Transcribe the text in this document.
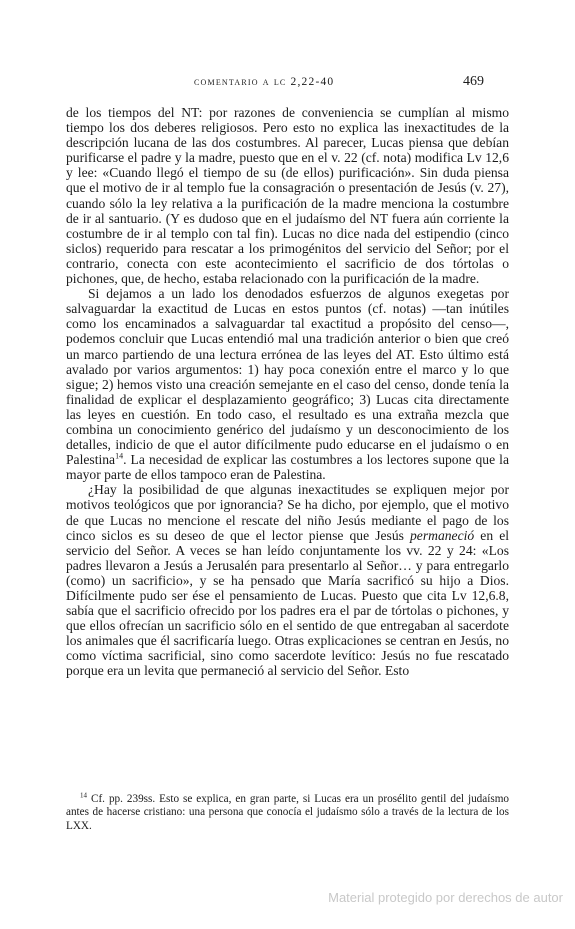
comentario a lc 2,22-40	469

de los tiempos del NT: por razones de conveniencia se cumplían al mismo tiempo los dos deberes religiosos. Pero esto no explica las inexactitudes de la descripción lucana de las dos costumbres. Al parecer, Lucas piensa que debían purificarse el padre y la madre, puesto que en el v. 22 (cf. nota) modifica Lv 12,6 y lee: «Cuando llegó el tiempo de su (de ellos) purificación». Sin duda piensa que el motivo de ir al templo fue la consagración o presentación de Jesús (v. 27), cuando sólo la ley relativa a la purificación de la madre menciona la costumbre de ir al santuario. (Y es dudoso que en el judaísmo del NT fuera aún corriente la costumbre de ir al templo con tal fin). Lucas no dice nada del estipendio (cinco siclos) requerido para rescatar a los primogénitos del servicio del Señor; por el contrario, conecta con este acontecimiento el sacrificio de dos tórtolas o pichones, que, de hecho, estaba relacionado con la purificación de la madre.

Si dejamos a un lado los denodados esfuerzos de algunos exegetas por salvaguardar la exactitud de Lucas en estos puntos (cf. notas) —tan inútiles como los encaminados a salvaguardar tal exactitud a propósito del censo—, podemos concluir que Lucas entendió mal una tradición anterior o bien que creó un marco partiendo de una lectura errónea de las leyes del AT. Esto último está avalado por varios argumentos: 1) hay poca conexión entre el marco y lo que sigue; 2) hemos visto una creación semejante en el caso del censo, donde tenía la finalidad de explicar el desplazamiento geográfico; 3) Lucas cita directamente las leyes en cuestión. En todo caso, el resultado es una extraña mezcla que combina un conocimiento genérico del judaísmo y un desconocimiento de los detalles, indicio de que el autor difícilmente pudo educarse en el judaísmo o en Palestina$^{14}$. La necesidad de explicar las costumbres a los lectores supone que la mayor parte de ellos tampoco eran de Palestina.

¿Hay la posibilidad de que algunas inexactitudes se expliquen mejor por motivos teológicos que por ignorancia? Se ha dicho, por ejemplo, que el motivo de que Lucas no mencione el rescate del niño Jesús mediante el pago de los cinco siclos es su deseo de que el lector piense que Jesús permaneció en el servicio del Señor. A veces se han leído conjuntamente los vv. 22 y 24: «Los padres llevaron a Jesús a Jerusalén para presentarlo al Señor… y para entregarlo (como) un sacrificio», y se ha pensado que María sacrificó su hijo a Dios. Difícilmente pudo ser ése el pensamiento de Lucas. Puesto que cita Lv 12,6.8, sabía que el sacrificio ofrecido por los padres era el par de tórtolas o pichones, y que ellos ofrecían un sacrificio sólo en el sentido de que entregaban al sacerdote los animales que él sacrificaría luego. Otras explicaciones se centran en Jesús, no como víctima sacrificial, sino como sacerdote levítico: Jesús no fue rescatado porque era un levita que permaneció al servicio del Señor. Esto

$^{14}$ Cf. pp. 239ss. Esto se explica, en gran parte, si Lucas era un prosélito gentil del judaísmo antes de hacerse cristiano: una persona que conocía el judaísmo sólo a través de la lectura de los LXX.

Material protegido por derechos de autor
